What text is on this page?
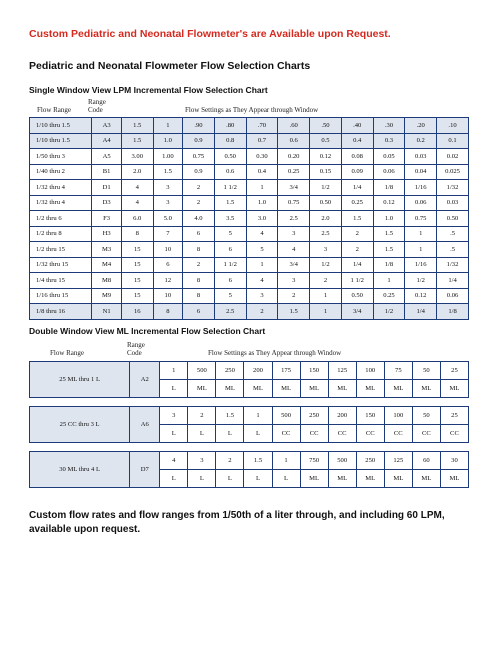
Custom Pediatric and Neonatal Flowmeter's are Available upon Request.
Pediatric and Neonatal Flowmeter Flow Selection Charts
Single Window View LPM Incremental Flow Selection Chart
Flow Range
Range
Code	Flow Settings as They Appear through Window
1/10 thru 1.5	A3	1.5	1	.90	.80	.70	.60	.50	.40	.30	.20	.10
1/10 thru 1.5	A4	1.5	1.0	0.9	0.8	0.7	0.6	0.5	0.4	0.3	0.2	0.1
1/50 thru 3	A5	3.00	1.00	0.75	0.50	0.30	0.20	0.12	0.08	0.05	0.03	0.02
1/40 thru 2	B1	2.0	1.5	0.9	0.6	0.4	0.25	0.15	0.09	0.06	0.04	0.025
1/32 thru 4	D1	4	3	2	1 1/2	1	3/4	1/2	1/4	1/8	1/16	1/32
1/32 thru 4	D3	4	3	2	1.5	1.0	0.75	0.50	0.25	0.12	0.06	0.03
1/2 thru 6	F3	6.0	5.0	4.0	3.5	3.0	2.5	2.0	1.5	1.0	0.75	0.50
1/2 thru 8	H3	8	7	6	5	4	3	2.5	2	1.5	1	.5
1/2 thru 15	M3	15	10	8	6	5	4	3	2	1.5	1	.5
1/32 thru 15	M4	15	6	2	1 1/2	1	3/4	1/2	1/4	1/8	1/16	1/32
1/4 thru 15	M8	15	12	8	6	4	3	2	1 1/2	1	1/2	1/4
1/16 thru 15	M9	15	10	8	5	3	2	1	0.50	0.25	0.12	0.06
1/8 thru 16	N1	16	8	6	2.5	2	1.5	1	3/4	1/2	1/4	1/8
Double Window View ML Incremental Flow Selection Chart
Flow Range
Range
Code	Flow Settings as They Appear through Window
25 ML thru 1 L	A2	1	500	250	200	175	150	125	100	75	50	25
		L	ML	ML	ML	ML	ML	ML	ML	ML	ML	ML

25 CC thru 3 L	A6	3	2	1.5	1	500	250	200	150	100	50	25
		L	L	L	L	CC	CC	CC	CC	CC	CC	CC

30 ML thru 4 L	D7	4	3	2	1.5	1	750	500	250	125	60	30
		L	L	L	L	L	ML	ML	ML	ML	ML	ML
Custom flow rates and flow ranges from 1/50th of a liter through, and including 60 LPM, available upon request.
